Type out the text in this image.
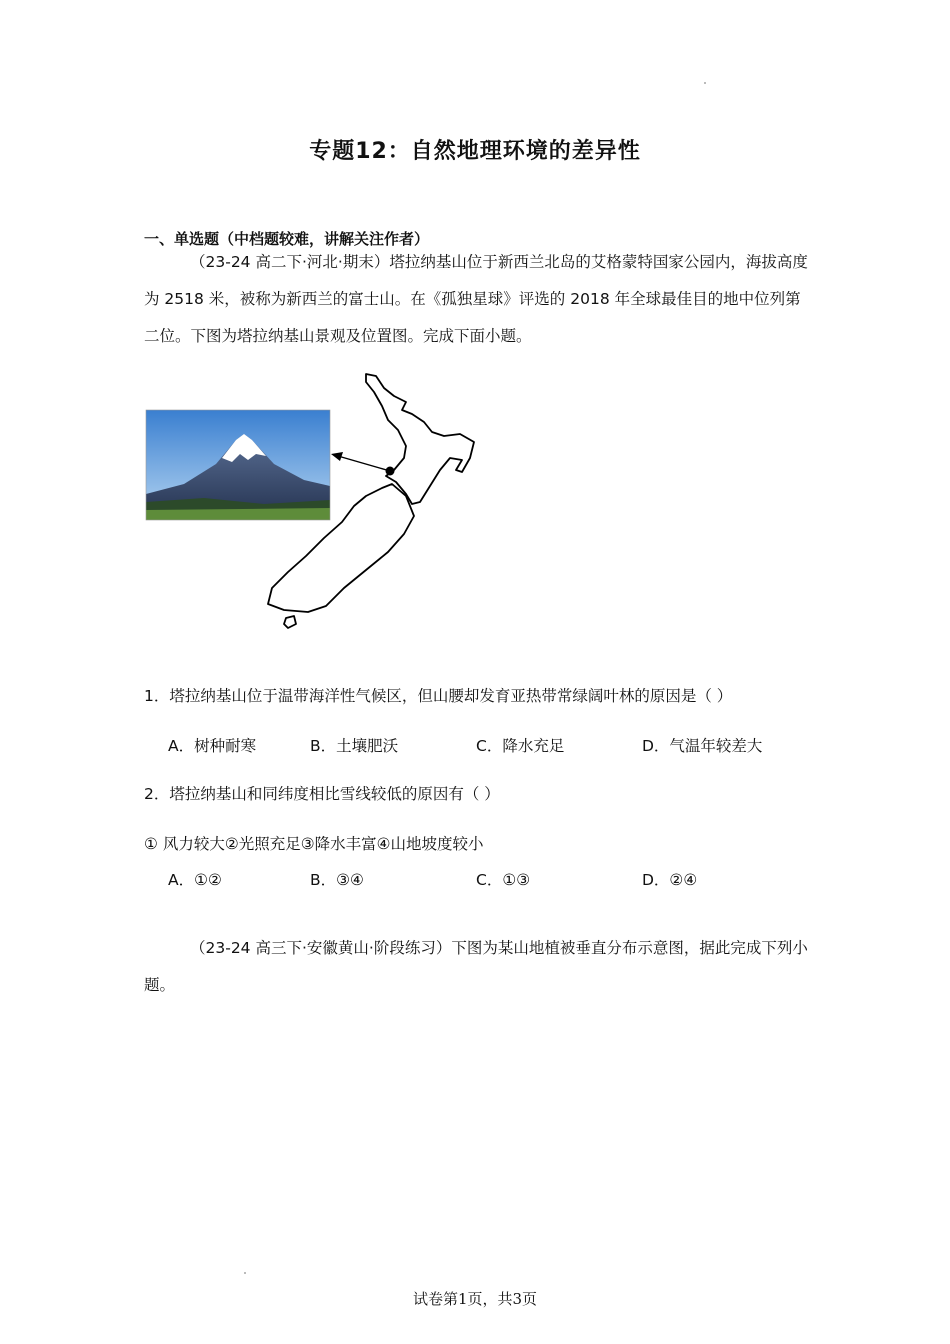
专题12：自然地理环境的差异性
一、单选题（中档题较难，讲解关注作者）
（23-24 高二下·河北·期末）塔拉纳基山位于新西兰北岛的艾格蒙特国家公园内，海拔高度为 2518 米，被称为新西兰的富士山。在《孤独星球》评选的 2018 年全球最佳目的地中位列第二位。下图为塔拉纳基山景观及位置图。完成下面小题。
1．塔拉纳基山位于温带海洋性气候区，但山腰却发育亚热带常绿阔叶林的原因是（ ）
A．树种耐寒	B．土壤肥沃	C．降水充足	D．气温年较差大
2．塔拉纳基山和同纬度相比雪线较低的原因有（ ）
① 风力较大②光照充足③降水丰富④山地坡度较小
A．①②	B．③④	C．①③	D．②④
（23-24 高三下·安徽黄山·阶段练习）下图为某山地植被垂直分布示意图，据此完成下列小题。
试卷第1页，共3页
